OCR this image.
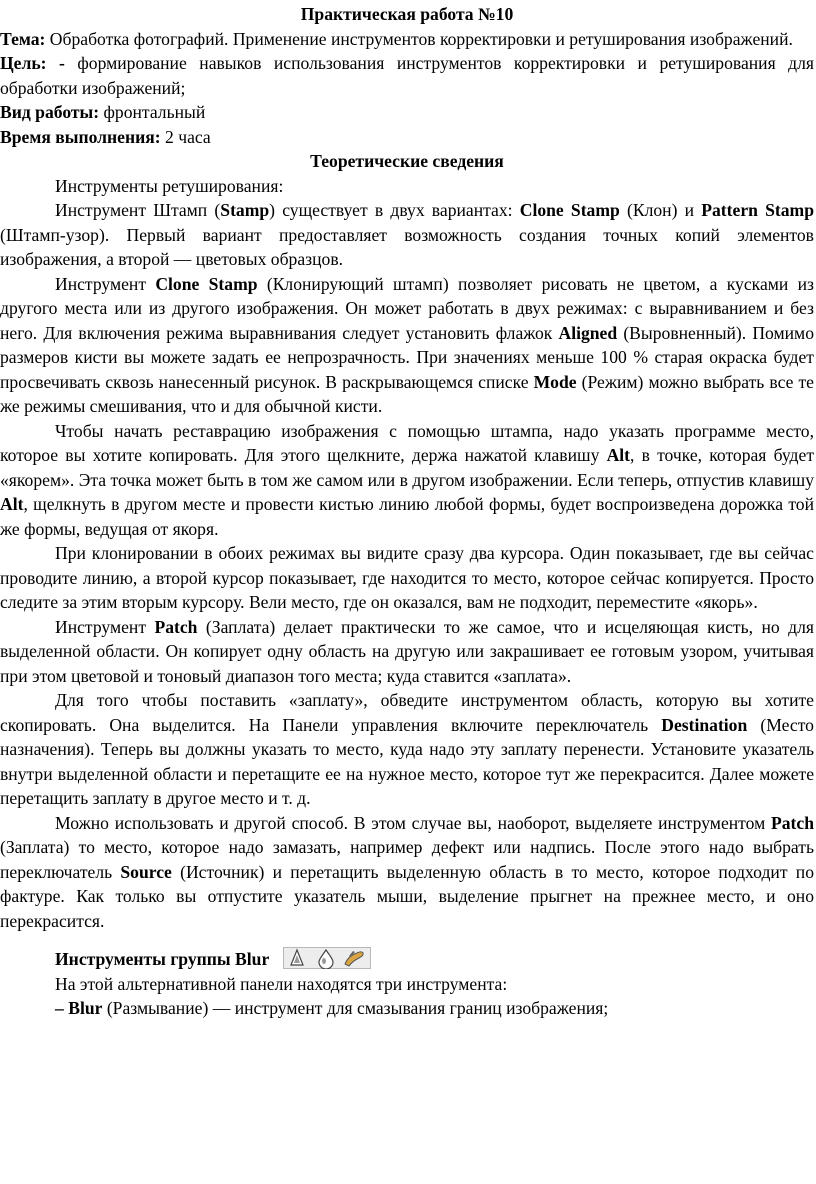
Практическая работа №10

Тема: Обработка фотографий. Применение инструментов корректировки и ретуширования изображений.

Цель: - формирование навыков использования инструментов корректировки и ретуширования для обработки изображений;

Вид работы: фронтальный

Время выполнения: 2 часа

Теоретические сведения

Инструменты ретуширования:

Инструмент Штамп (Stamp) существует в двух вариантах: Clone Stamp (Клон) и Pattern Stamp (Штамп-узор). Первый вариант предоставляет возможность создания точных копий элементов изображения, а второй — цветовых образцов.

Инструмент Clone Stamp (Клонирующий штамп) позволяет рисовать не цветом, а кусками из другого места или из другого изображения. Он может работать в двух режимах: с выравниванием и без него. Для включения режима выравнивания следует установить флажок Aligned (Выровненный). Помимо размеров кисти вы можете задать ее непрозрачность. При значениях меньше 100 % старая окраска будет просвечивать сквозь нанесенный рисунок. В раскрывающемся списке Mode (Режим) можно выбрать все те же режимы смешивания, что и для обычной кисти.

Чтобы начать реставрацию изображения с помощью штампа, надо указать программе место, которое вы хотите копировать. Для этого щелкните, держа нажатой клавишу Alt, в точке, которая будет «якорем». Эта точка может быть в том же самом или в другом изображении. Если теперь, отпустив клавишу Alt, щелкнуть в другом месте и провести кистью линию любой формы, будет воспроизведена дорожка той же формы, ведущая от якоря.

При клонировании в обоих режимах вы видите сразу два курсора. Один показывает, где вы сейчас проводите линию, а второй курсор показывает, где находится то место, которое сейчас копируется. Просто следите за этим вторым курсору. Вели место, где он оказался, вам не подходит, переместите «якорь».

Инструмент Patch (Заплата) делает практически то же самое, что и исцеляющая кисть, но для выделенной области. Он копирует одну область на другую или закрашивает ее готовым узором, учитывая при этом цветовой и тоновый диапазон того места; куда ставится «заплата».

Для того чтобы поставить «заплату», обведите инструментом область, которую вы хотите скопировать. Она выделится. На Панели управления включите переключатель Destination (Место назначения). Теперь вы должны указать то место, куда надо эту заплату перенести. Установите указатель внутри выделенной области и перетащите ее на нужное место, которое тут же перекрасится. Далее можете перетащить заплату в другое место и т. д.

Можно использовать и другой способ. В этом случае вы, наоборот, выделяете инструментом Patch (Заплата) то место, которое надо замазать, например дефект или надпись. После этого надо выбрать переключатель Source (Источник) и перетащить выделенную область в то место, которое подходит по фактуре. Как только вы отпустите указатель мыши, выделение прыгнет на прежнее место, и оно перекрасится.

Инструменты группы Blur

На этой альтернативной панели находятся три инструмента:

– Blur (Размывание) — инструмент для смазывания границ изображения;
